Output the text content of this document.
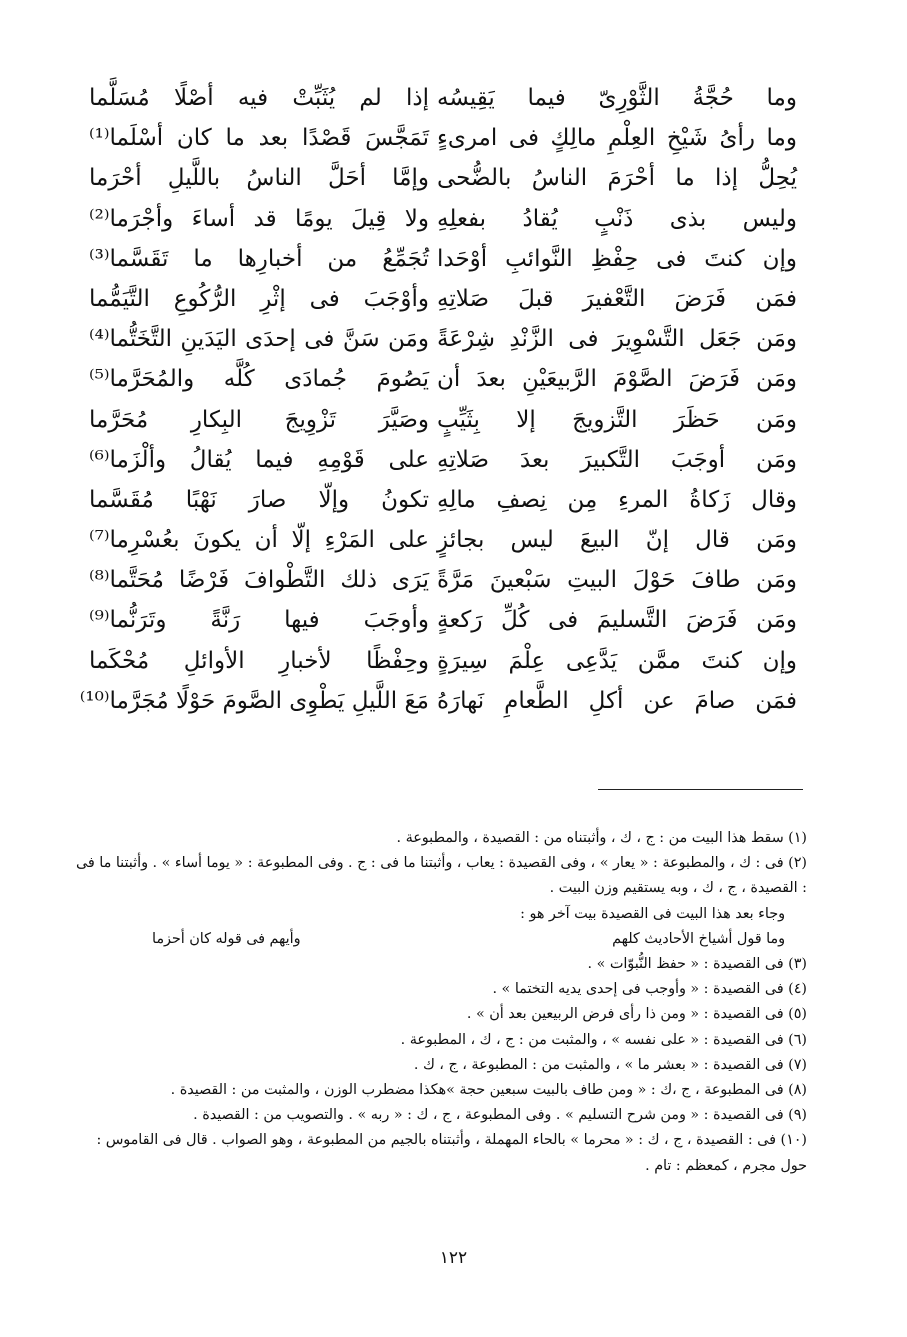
وما حُجَّةُ الثَّوْرِىّ فيما يَقِيسُه
وما رأىُ شَيْخِ العِلْمِ مالِكٍ فى امرىءٍ
يُحِلُّ إذا ما أحْرَمَ الناسُ بالضُّحى
وليس بذى ذَنْبٍ يُقادُ بفعلِهِ
وإن كنتَ فى حِفْظِ النَّوائبِ أوْحَدا
فمَن فَرَضَ التَّعْفيرَ قبلَ صَلاتِهِ
ومَن جَعَل التَّسْوِيرَ فى الزَّنْدِ شِرْعَةً
ومَن فَرَضَ الصَّوْمَ الرَّبيعَيْنِ بعدَ أن
ومَن حَظَرَ التَّزويجَ إلا بِثَيِّبٍ
ومَن أوجَبَ التَّكبيرَ بعدَ صَلاتِهِ
وقال زَكاةُ المرءِ مِن نِصفِ مالِهِ
ومَن قال إنّ البيعَ ليس بجائزٍ
ومَن طافَ حَوْلَ البيتِ سَبْعينَ مَرَّةً
ومَن فَرَضَ التَّسليمَ فى كُلِّ رَكعةٍ
وإن كنتَ ممَّن يَدَّعِى عِلْمَ سِيرَةٍ
فمَن صامَ عن أكلِ الطَّعامِ نَهارَهُ
إذا لم يُثَبِّتْ فيه أصْلًا مُسَلَّما
تَمَجَّسَ قَصْدًا بعد ما كان أسْلَما⁽¹⁾
وإمَّا أحَلَّ الناسُ باللَّيلِ أحْرَما
ولا قِيلَ يومًا قد أساءَ وأجْرَما⁽²⁾
تُجَمِّعُ من أخبارِها ما تَقَسَّما⁽³⁾
وأوْجَبَ فى إثْرِ الرُّكُوعِ التَّيَمُّما
ومَن سَنَّ فى إحدَى اليَدَينِ التَّخَتُّما⁽⁴⁾
يَصُومَ جُمادَى كُلَّه والمُحَرَّما⁽⁵⁾
وصَيَّرَ تَزْوِيجَ البِكارِ مُحَرَّما
على قَوْمِهِ فيما يُقالُ وألْزَما⁽⁶⁾
تكونُ وإلّا صارَ نَهْبًا مُقَسَّما
على المَرْءِ إلّا أن يكونَ بعُسْرِما⁽⁷⁾
يَرَى ذلك التَّطْوافَ فَرْضًا مُحَتَّما⁽⁸⁾
وأوجَبَ فيها رَنَّةً وتَرَنُّما⁽⁹⁾
وحِفْظًا لأخبارِ الأوائلِ مُحْكَما
مَعَ اللَّيلِ يَطْوِى الصَّومَ حَوْلًا مُجَرَّما⁽¹⁰⁾
(١) سقط هذا البيت من : ج ، ك ، وأثبتناه من : القصيدة ، والمطبوعة .
(٢) فى : ك ، والمطبوعة : « يعار » ، وفى القصيدة : يعاب ، وأثبتنا ما فى : ج . وفى المطبوعة : « يوما أساء » . وأثبتنا ما فى : القصيدة ، ج ، ك ، وبه يستقيم وزن البيت .
وجاء بعد هذا البيت فى القصيدة بيت آخر هو :
وما قول أشياخ الأحاديث كلهم
وأيهم فى قوله كان أحزما
(٣) فى القصيدة : « حفظ النُّبوّات » .
(٤) فى القصيدة : « وأوجب فى إحدى يديه التختما » .
(٥) فى القصيدة : « ومن ذا رأى فرض الربيعين بعد أن » .
(٦) فى القصيدة : « على نفسه » ، والمثبت من : ج ، ك ، المطبوعة .
(٧) فى القصيدة : « بعشر ما » ، والمثبت من : المطبوعة ، ج ، ك .
(٨) فى المطبوعة ، ج ،ك : « ومن طاف بالبيت سبعين حجة »هكذا مضطرب الوزن ، والمثبت من : القصيدة .
(٩) فى القصيدة : « ومن شرح التسليم » . وفى المطبوعة ، ج ، ك : « ربه » . والتصويب من : القصيدة .
(١٠) فى : القصيدة ، ج ، ك : « محرما » بالحاء المهملة ، وأثبتناه بالجيم من المطبوعة ، وهو الصواب . قال فى القاموس : حول مجرم ، كمعظم : تام .
١٢٢
